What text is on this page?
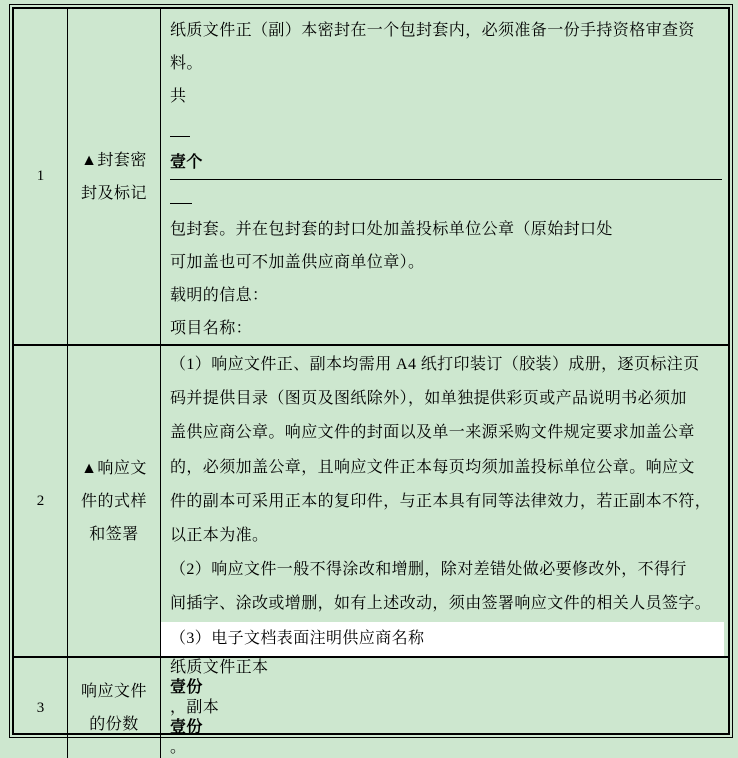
1
▲封套密
封及标记
纸质文件正（副）本密封在一个包封套内，必须准备一份手持资格审查资
料。
共
壹个
包封套。并在包封套的封口处加盖投标单位公章（原始封口处
可加盖也可不加盖供应商单位章）。
载明的信息：
项目名称：
2
▲响应文
件的式样
和签署
（1）响应文件正、副本均需用 A4 纸打印装订（胶装）成册，逐页标注页
码并提供目录（图页及图纸除外），如单独提供彩页或产品说明书必须加
盖供应商公章。响应文件的封面以及单一来源采购文件规定要求加盖公章
的，必须加盖公章，且响应文件正本每页均须加盖投标单位公章。响应文
件的副本可采用正本的复印件，与正本具有同等法律效力，若正副本不符，
以正本为准。
（2）响应文件一般不得涂改和增删，除对差错处做必要修改外，不得行
间插字、涂改或增删，如有上述改动，须由签署响应文件的相关人员签字。
（3）电子文档表面注明供应商名称
3
响应文件
的份数
纸质文件正本
壹份
，副本
壹份
。
